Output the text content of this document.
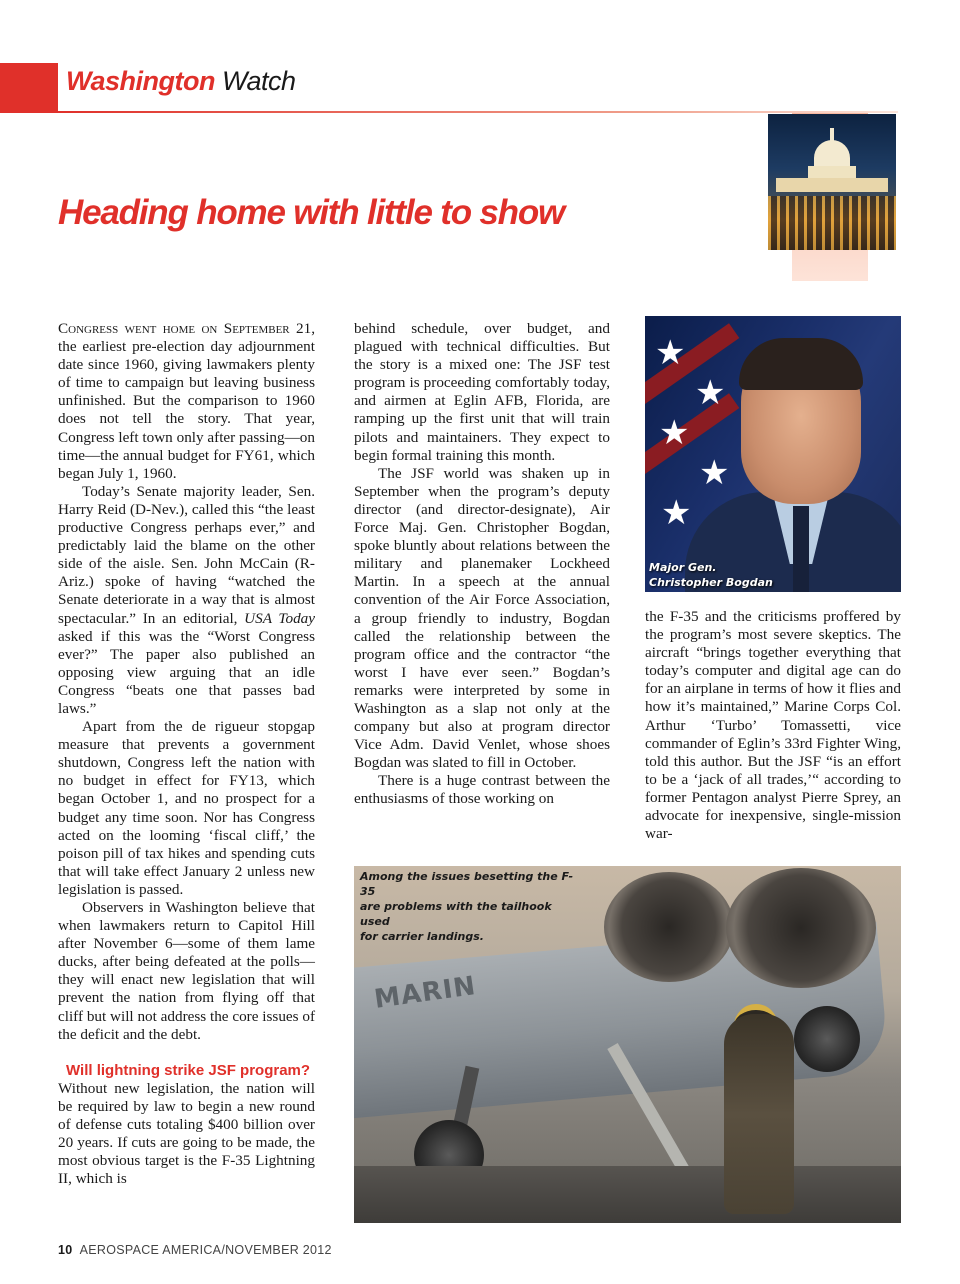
Washington Watch
Heading home with little to show

Congress went home on September 21, the earliest pre-election day adjournment date since 1960, giving lawmakers plenty of time to campaign but leaving business unfinished. But the comparison to 1960 does not tell the story. That year, Congress left town only after passing—on time—the annual budget for FY61, which began July 1, 1960.

Today’s Senate majority leader, Sen. Harry Reid (D-Nev.), called this “the least productive Congress perhaps ever,” and predictably laid the blame on the other side of the aisle. Sen. John McCain (R-Ariz.) spoke of having “watched the Senate deteriorate in a way that is almost spectacular.” In an editorial, USA Today asked if this was the “Worst Congress ever?” The paper also published an opposing view arguing that an idle Congress “beats one that passes bad laws.”

Apart from the de rigueur stopgap measure that prevents a government shutdown, Congress left the nation with no budget in effect for FY13, which began October 1, and no prospect for a budget any time soon. Nor has Congress acted on the looming ‘fiscal cliff,’ the poison pill of tax hikes and spending cuts that will take effect January 2 unless new legislation is passed.

Observers in Washington believe that when lawmakers return to Capitol Hill after November 6—some of them lame ducks, after being defeated at the polls—they will enact new legislation that will prevent the nation from flying off that cliff but will not address the core issues of the deficit and the debt.

Will lightning strike JSF program?

Without new legislation, the nation will be required by law to begin a new round of defense cuts totaling $400 billion over 20 years. If cuts are going to be made, the most obvious target is the F-35 Lightning II, which is

behind schedule, over budget, and plagued with technical difficulties. But the story is a mixed one: The JSF test program is proceeding comfortably today, and airmen at Eglin AFB, Florida, are ramping up the first unit that will train pilots and maintainers. They expect to begin formal training this month.

The JSF world was shaken up in September when the program’s deputy director (and director-designate), Air Force Maj. Gen. Christopher Bogdan, spoke bluntly about relations between the military and planemaker Lockheed Martin. In a speech at the annual convention of the Air Force Association, a group friendly to industry, Bogdan called the relationship between the program office and the contractor “the worst I have ever seen.” Bogdan’s remarks were interpreted by some in Washington as a slap not only at the company but also at program director Vice Adm. David Venlet, whose shoes Bogdan was slated to fill in October.

There is a huge contrast between the enthusiasms of those working on

★
★
★
★
★
Major Gen.
Christopher Bogdan

the F-35 and the criticisms proffered by the program’s most severe skeptics. The aircraft “brings together everything that today’s computer and digital age can do for an airplane in terms of how it flies and how it’s maintained,” Marine Corps Col. Arthur ‘Turbo’ Tomassetti, vice commander of Eglin’s 33rd Fighter Wing, told this author. But the JSF “is an effort to be a ‘jack of all trades,’“ according to former Pentagon analyst Pierre Sprey, an advocate for inexpensive, single-mission war-

MARIN
Among the issues besetting the F-35
are problems with the tailhook used
for carrier landings.
10 AEROSPACE AMERICA/NOVEMBER 2012
